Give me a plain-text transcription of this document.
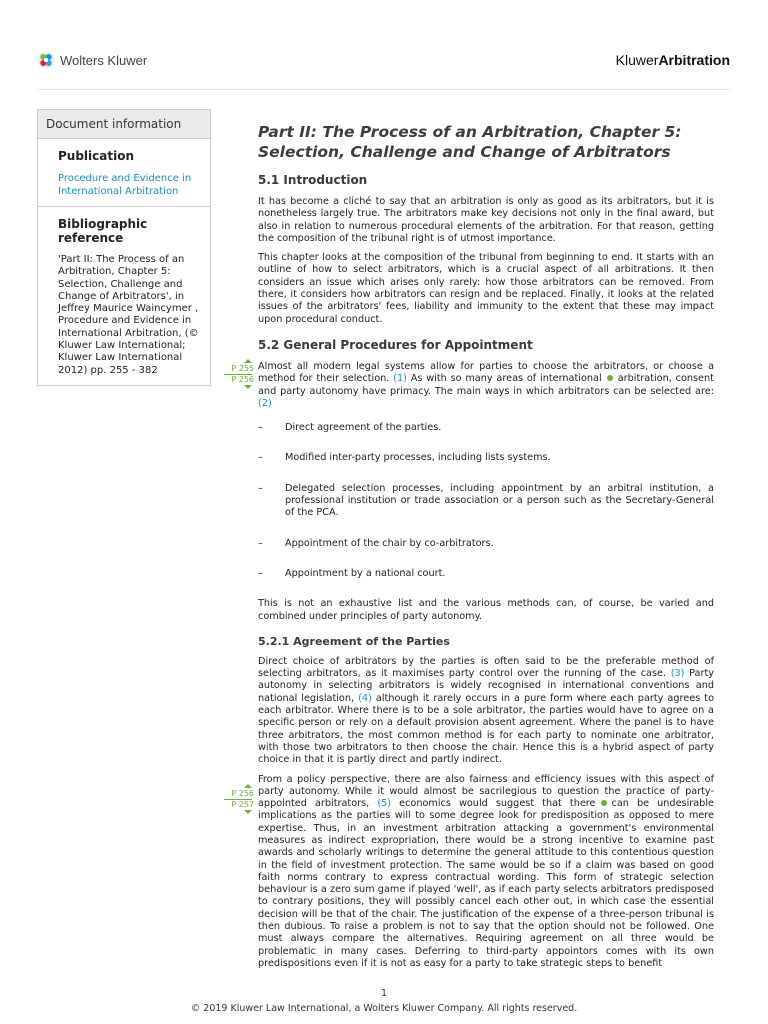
Wolters Kluwer	KluwerArbitration
Document information
Publication
Procedure and Evidence in International Arbitration
Bibliographic reference
'Part II: The Process of an Arbitration, Chapter 5: Selection, Challenge and Change of Arbitrators', in Jeffrey Maurice Waincymer , Procedure and Evidence in International Arbitration, (© Kluwer Law International; Kluwer Law International 2012) pp. 255 - 382	P 255
P 256
P 256
P 257
Part II: The Process of an Arbitration, Chapter 5: Selection, Challenge and Change of Arbitrators
5.1 Introduction

It has become a cliché to say that an arbitration is only as good as its arbitrators, but it is nonetheless largely true. The arbitrators make key decisions not only in the final award, but also in relation to numerous procedural elements of the arbitration. For that reason, getting the composition of the tribunal right is of utmost importance.

This chapter looks at the composition of the tribunal from beginning to end. It starts with an outline of how to select arbitrators, which is a crucial aspect of all arbitrations. It then considers an issue which arises only rarely: how those arbitrators can be removed. From there, it considers how arbitrators can resign and be replaced. Finally, it looks at the related issues of the arbitrators' fees, liability and immunity to the extent that these may impact upon procedural conduct.

5.2 General Procedures for Appointment

Almost all modern legal systems allow for parties to choose the arbitrators, or choose a method for their selection. (1) As with so many areas of international arbitration, consent and party autonomy have primacy. The main ways in which arbitrators can be selected are: (2)

– Direct agreement of the parties.
– Modified inter-party processes, including lists systems.
– Delegated selection processes, including appointment by an arbitral institution, a professional institution or trade association or a person such as the Secretary-General of the PCA.
– Appointment of the chair by co-arbitrators.
– Appointment by a national court.

This is not an exhaustive list and the various methods can, of course, be varied and combined under principles of party autonomy.

5.2.1 Agreement of the Parties

Direct choice of arbitrators by the parties is often said to be the preferable method of selecting arbitrators, as it maximises party control over the running of the case. (3) Party autonomy in selecting arbitrators is widely recognised in international conventions and national legislation, (4) although it rarely occurs in a pure form where each party agrees to each arbitrator. Where there is to be a sole arbitrator, the parties would have to agree on a specific person or rely on a default provision absent agreement. Where the panel is to have three arbitrators, the most common method is for each party to nominate one arbitrator, with those two arbitrators to then choose the chair. Hence this is a hybrid aspect of party choice in that it is partly direct and partly indirect.

From a policy perspective, there are also fairness and efficiency issues with this aspect of party autonomy. While it would almost be sacrilegious to question the practice of party-appointed arbitrators, (5) economics would suggest that there can be undesirable implications as the parties will to some degree look for predisposition as opposed to mere expertise. Thus, in an investment arbitration attacking a government's environmental measures as indirect expropriation, there would be a strong incentive to examine past awards and scholarly writings to determine the general attitude to this contentious question in the field of investment protection. The same would be so if a claim was based on good faith norms contrary to express contractual wording. This form of strategic selection behaviour is a zero sum game if played 'well', as if each party selects arbitrators predisposed to contrary positions, they will possibly cancel each other out, in which case the essential decision will be that of the chair. The justification of the expense of a three-person tribunal is then dubious. To raise a problem is not to say that the option should not be followed. One must always compare the alternatives. Requiring agreement on all three would be problematic in many cases. Deferring to third-party appointors comes with its own predispositions even if it is not as easy for a party to take strategic steps to benefit

1
© 2019 Kluwer Law International, a Wolters Kluwer Company. All rights reserved.
